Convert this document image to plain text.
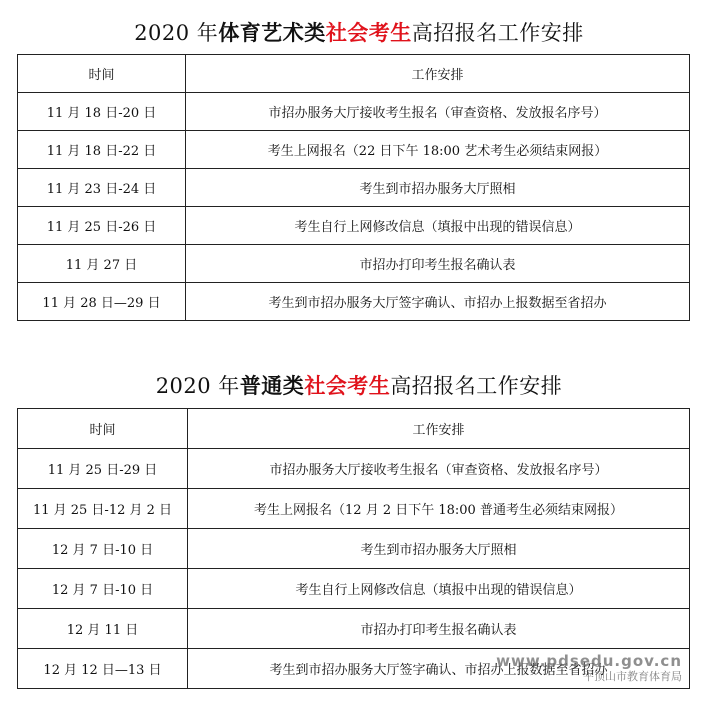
2020 年体育艺术类社会考生高招报名工作安排
时间	工作安排
11 月 18 日-20 日	市招办服务大厅接收考生报名（审查资格、发放报名序号）
11 月 18 日-22 日	考生上网报名（22 日下午 18:00 艺术考生必须结束网报）
11 月 23 日-24 日	考生到市招办服务大厅照相
11 月 25 日-26 日	考生自行上网修改信息（填报中出现的错误信息）
11 月 27 日	市招办打印考生报名确认表
11 月 28 日—29 日	考生到市招办服务大厅签字确认、市招办上报数据至省招办
2020 年普通类社会考生高招报名工作安排
时间	工作安排
11 月 25 日-29 日	市招办服务大厅接收考生报名（审查资格、发放报名序号）
11 月 25 日-12 月 2 日	考生上网报名（12 月 2 日下午 18:00 普通考生必须结束网报）
12 月 7 日-10 日	考生到市招办服务大厅照相
12 月 7 日-10 日	考生自行上网修改信息（填报中出现的错误信息）
12 月 11 日	市招办打印考生报名确认表
12 月 12 日—13 日	考生到市招办服务大厅签字确认、市招办上报数据至省招办
www.pdsedu.gov.cn
平顶山市教育体育局
